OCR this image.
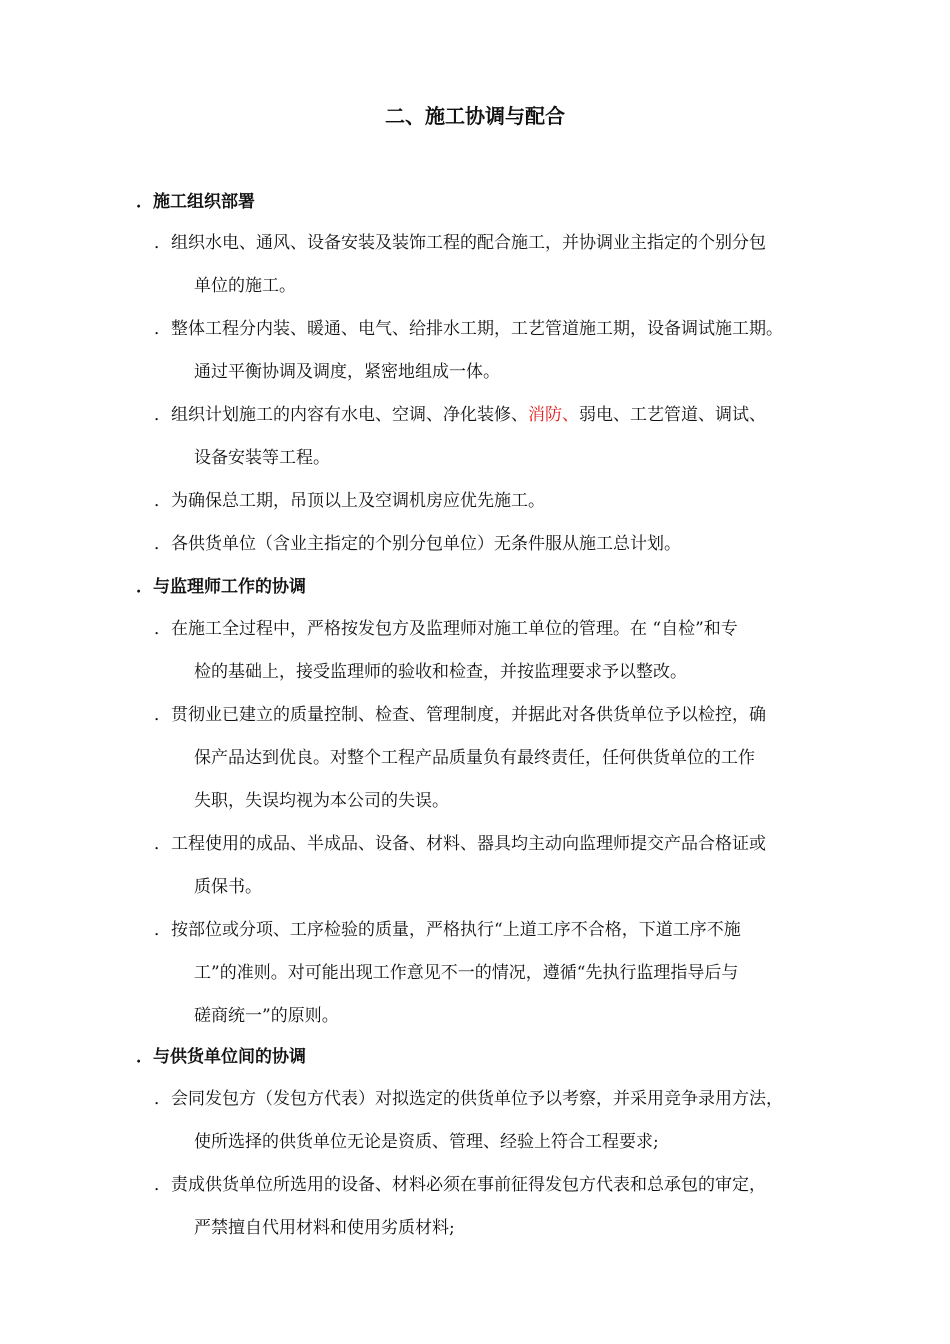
二、施工协调与配合
．施工组织部署
．组织水电、通风、设备安装及装饰工程的配合施工，并协调业主指定的个别分包
单位的施工。
．整体工程分内装、暖通、电气、给排水工期，工艺管道施工期，设备调试施工期。
通过平衡协调及调度，紧密地组成一体。
．组织计划施工的内容有水电、空调、净化装修、消防、弱电、工艺管道、调试、
设备安装等工程。
．为确保总工期，吊顶以上及空调机房应优先施工。
．各供货单位（含业主指定的个别分包单位）无条件服从施工总计划。
．与监理师工作的协调
．在施工全过程中，严格按发包方及监理师对施工单位的管理。在 “自检”和专
检的基础上，接受监理师的验收和检查，并按监理要求予以整改。
．贯彻业已建立的质量控制、检查、管理制度，并据此对各供货单位予以检控，确
保产品达到优良。对整个工程产品质量负有最终责任，任何供货单位的工作
失职，失误均视为本公司的失误。
．工程使用的成品、半成品、设备、材料、器具均主动向监理师提交产品合格证或
质保书。
．按部位或分项、工序检验的质量，严格执行“上道工序不合格，下道工序不施
工”的准则。对可能出现工作意见不一的情况，遵循“先执行监理指导后与
磋商统一”的原则。
．与供货单位间的协调
．会同发包方（发包方代表）对拟选定的供货单位予以考察，并采用竞争录用方法，
使所选择的供货单位无论是资质、管理、经验上符合工程要求;
．责成供货单位所选用的设备、材料必须在事前征得发包方代表和总承包的审定，
严禁擅自代用材料和使用劣质材料;
